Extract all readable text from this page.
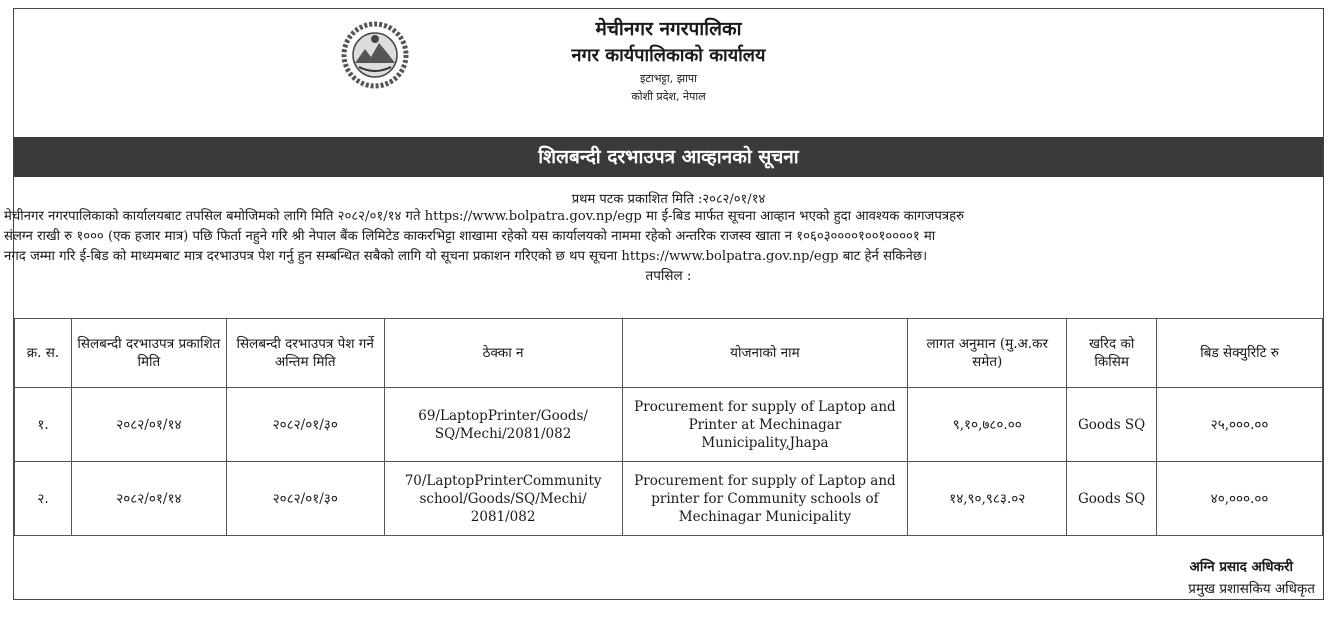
मेचीनगर नगरपालिका
नगर कार्यपालिकाको कार्यालय
इटाभट्टा, झापा
कोशी प्रदेश, नेपाल
शिलबन्दी दरभाउपत्र आव्हानको सूचना
प्रथम पटक प्रकाशित मिति :२०८२/०१/१४
मेचीनगर नगरपालिकाको कार्यालयबाट तपसिल बमोजिमको लागि मिति २०८२/०१/१४ गते https://www.bolpatra.gov.np/egp मा ई-बिड मार्फत सूचना आव्हान भएको हुदा आवश्यक कागजपत्रहरु
संलग्न राखी रु १००० (एक हजार मात्र) पछि फिर्ता नहुने गरि श्री नेपाल बैंक लिमिटेड काकरभिट्टा शाखामा रहेको यस कार्यालयको नाममा रहेको अन्तरिक राजस्व खाता न १०६०३००००१००१००००१ मा
नगद जम्मा गरि ई-बिड को माध्यमबाट मात्र दरभाउपत्र पेश गर्नु हुन सम्बन्धित सबैको लागि यो सूचना प्रकाशन गरिएको छ थप सूचना https://www.bolpatra.gov.np/egp बाट हेर्न सकिनेछ।
तपसिल :
क्र. स.	सिलबन्दी दरभाउपत्र प्रकाशित मिति	सिलबन्दी दरभाउपत्र पेश गर्ने अन्तिम मिति	ठेक्का न	योजनाको नाम	लागत अनुमान (मु.अ.कर समेत)	खरिद को किसिम	बिड सेक्युरिटि रु
१.	२०८२/०१/१४	२०८२/०१/३०	69/LaptopPrinter/Goods/ SQ/Mechi/2081/082	Procurement for supply of Laptop and Printer at Mechinagar Municipality,Jhapa	९,१०,७८०.००	Goods SQ	२५,०००.००
२.	२०८२/०१/१४	२०८२/०१/३०	70/LaptopPrinterCommunity school/Goods/SQ/Mechi/ 2081/082	Procurement for supply of Laptop and printer for Community schools of Mechinagar Municipality	१४,९०,९८३.०२	Goods SQ	४०,०००.००
अग्नि प्रसाद अधिकरी
प्रमुख प्रशासकिय अधिकृत
